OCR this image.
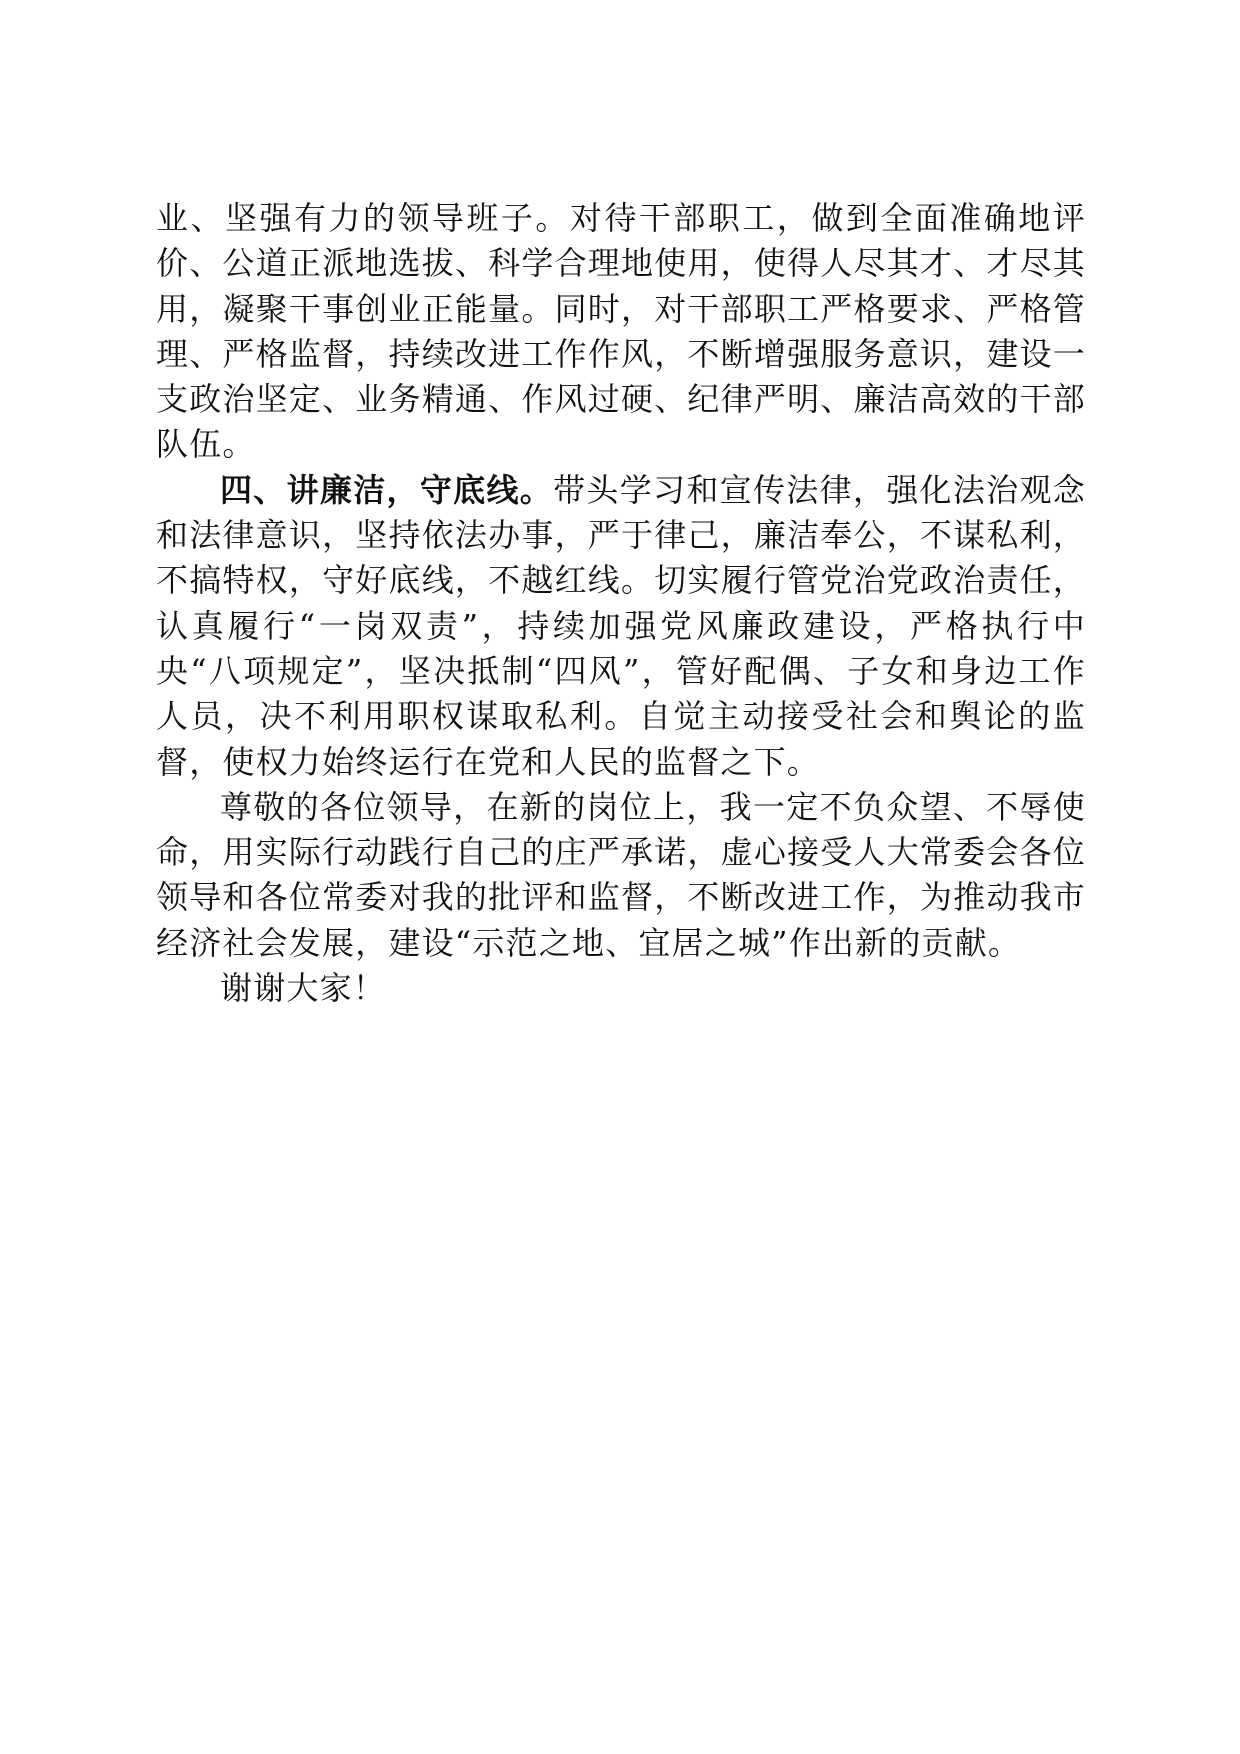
业、坚强有力的领导班子。对待干部职工，做到全面准确地评价、公道正派地选拔、科学合理地使用，使得人尽其才、才尽其用，凝聚干事创业正能量。同时，对干部职工严格要求、严格管理、严格监督，持续改进工作作风，不断增强服务意识，建设一支政治坚定、业务精通、作风过硬、纪律严明、廉洁高效的干部队伍。

四、讲廉洁，守底线。带头学习和宣传法律，强化法治观念和法律意识，坚持依法办事，严于律己，廉洁奉公，不谋私利，不搞特权，守好底线，不越红线。切实履行管党治党政治责任，认真履行“一岗双责”，持续加强党风廉政建设，严格执行中央“八项规定”，坚决抵制“四风”，管好配偶、子女和身边工作人员，决不利用职权谋取私利。自觉主动接受社会和舆论的监督，使权力始终运行在党和人民的监督之下。

尊敬的各位领导，在新的岗位上，我一定不负众望、不辱使命，用实际行动践行自己的庄严承诺，虚心接受人大常委会各位领导和各位常委对我的批评和监督，不断改进工作，为推动我市经济社会发展，建设“示范之地、宜居之城”作出新的贡献。

谢谢大家！
